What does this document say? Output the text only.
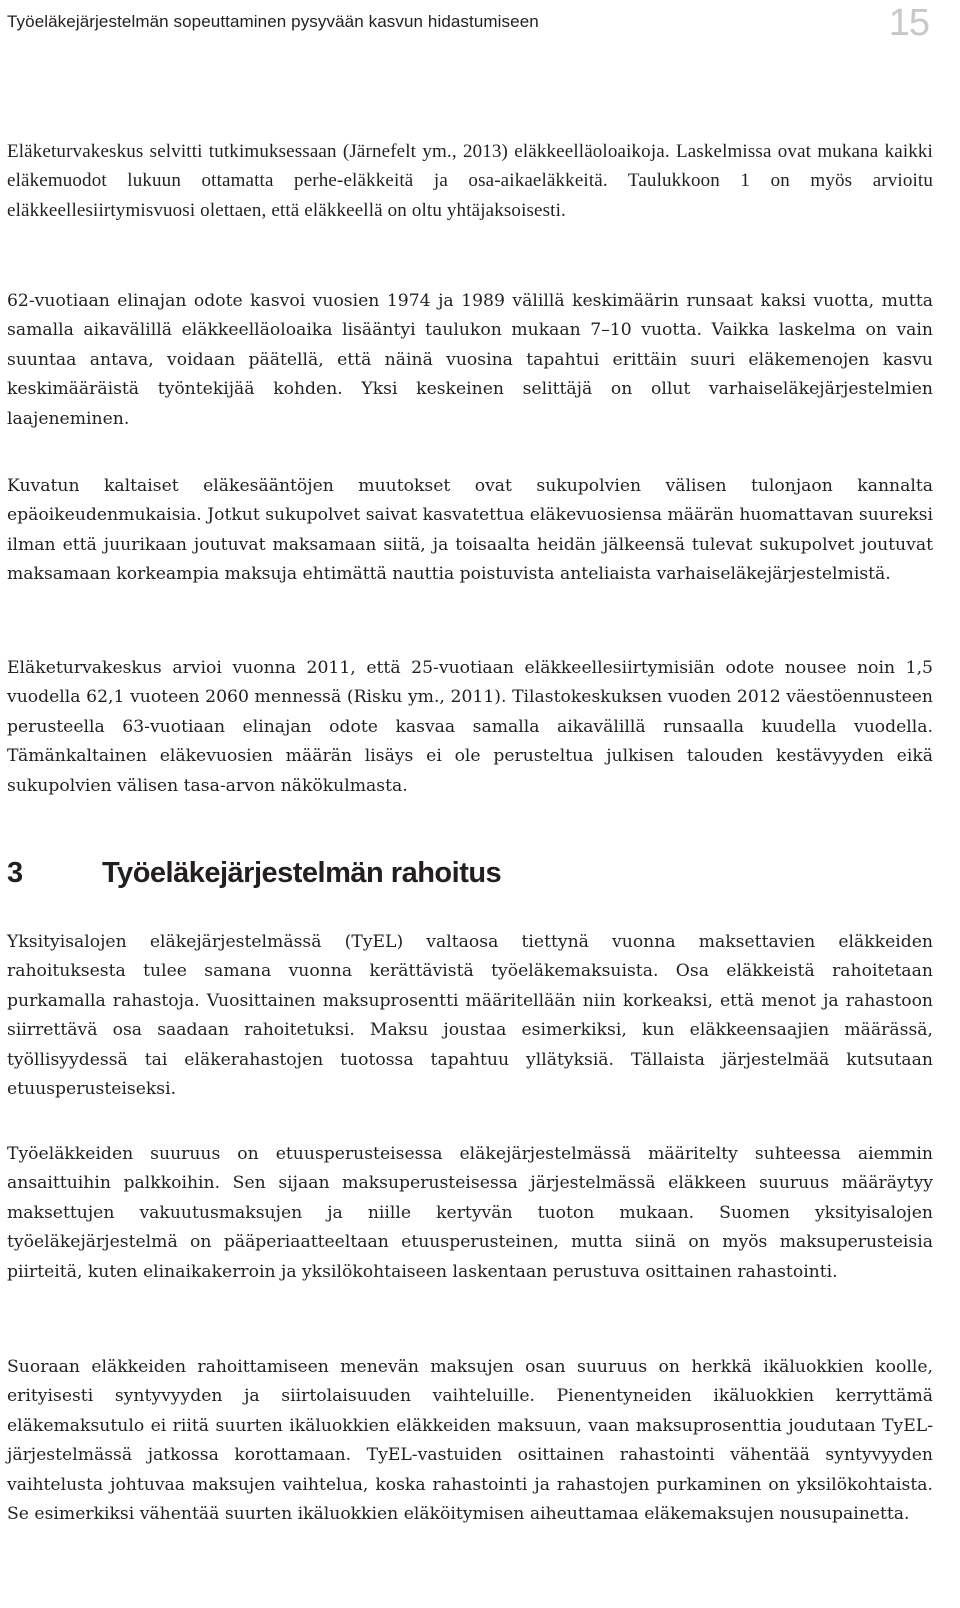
Työeläkejärjestelmän sopeuttaminen pysyvään kasvun hidastumiseen	15

Eläketurvakeskus selvitti tutkimuksessaan (Järnefelt ym., 2013) eläkkeelläoloaikoja. Laskelmissa ovat mukana kaikki eläkemuodot lukuun ottamatta perhe-eläkkeitä ja osa-aikaeläkkeitä. Taulukkoon 1 on myös arvioitu eläkkeellesiirtymisvuosi olettaen, että eläkkeellä on oltu yhtäjaksoisesti.

62-vuotiaan elinajan odote kasvoi vuosien 1974 ja 1989 välillä keskimäärin runsaat kaksi vuotta, mutta samalla aikavälillä eläkkeelläoloaika lisääntyi taulukon mukaan 7–10 vuotta. Vaikka laskelma on vain suuntaa antava, voidaan päätellä, että näinä vuosina tapahtui erittäin suuri eläkemenojen kasvu keskimääräistä työntekijää kohden. Yksi keskeinen selittäjä on ollut varhaiseläkejärjestelmien laajeneminen.

Kuvatun kaltaiset eläkesääntöjen muutokset ovat sukupolvien välisen tulonjaon kannalta epäoikeudenmukaisia. Jotkut sukupolvet saivat kasvatettua eläkevuosiensa määrän huomattavan suureksi ilman että juurikaan joutuvat maksamaan siitä, ja toisaalta heidän jälkeensä tulevat sukupolvet joutuvat maksamaan korkeampia maksuja ehtimättä nauttia poistuvista anteliaista varhaiseläkejärjestelmistä.

Eläketurvakeskus arvioi vuonna 2011, että 25-vuotiaan eläkkeellesiirtymisiän odote nousee noin 1,5 vuodella 62,1 vuoteen 2060 mennessä (Risku ym., 2011). Tilastokeskuksen vuoden 2012 väestöennusteen perusteella 63-vuotiaan elinajan odote kasvaa samalla aikavälillä runsaalla kuudella vuodella. Tämänkaltainen eläkevuosien määrän lisäys ei ole perusteltua julkisen talouden kestävyyden eikä sukupolvien välisen tasa-arvon näkökulmasta.

3	Työeläkejärjestelmän rahoitus

Yksityisalojen eläkejärjestelmässä (TyEL) valtaosa tiettynä vuonna maksettavien eläkkeiden rahoituksesta tulee samana vuonna kerättävistä työeläkemaksuista. Osa eläkkeistä rahoitetaan purkamalla rahastoja. Vuosittainen maksuprosentti määritellään niin korkeaksi, että menot ja rahastoon siirrettävä osa saadaan rahoitetuksi. Maksu joustaa esimerkiksi, kun eläkkeensaajien määrässä, työllisyydessä tai eläkerahastojen tuotossa tapahtuu yllätyksiä. Tällaista järjestelmää kutsutaan etuusperusteiseksi.

Työeläkkeiden suuruus on etuusperusteisessa eläkejärjestelmässä määritelty suhteessa aiemmin ansaittuihin palkkoihin. Sen sijaan maksuperusteisessa järjestelmässä eläkkeen suuruus määräytyy maksettujen vakuutusmaksujen ja niille kertyvän tuoton mukaan. Suomen yksityisalojen työeläkejärjestelmä on pääperiaatteeltaan etuusperusteinen, mutta siinä on myös maksuperusteisia piirteitä, kuten elinaikakerroin ja yksilökohtaiseen laskentaan perustuva osittainen rahastointi.

Suoraan eläkkeiden rahoittamiseen menevän maksujen osan suuruus on herkkä ikäluokkien koolle, erityisesti syntyvyyden ja siirtolaisuuden vaihteluille. Pienentyneiden ikäluokkien kerryttämä eläkemaksutulo ei riitä suurten ikäluokkien eläkkeiden maksuun, vaan maksuprosenttia joudutaan TyEL-järjestelmässä jatkossa korottamaan. TyEL-vastuiden osittainen rahastointi vähentää syntyvyyden vaihtelusta johtuvaa maksujen vaihtelua, koska rahastointi ja rahastojen purkaminen on yksilökohtaista. Se esimerkiksi vähentää suurten ikäluokkien eläköitymisen aiheuttamaa eläkemaksujen nousupainetta.
